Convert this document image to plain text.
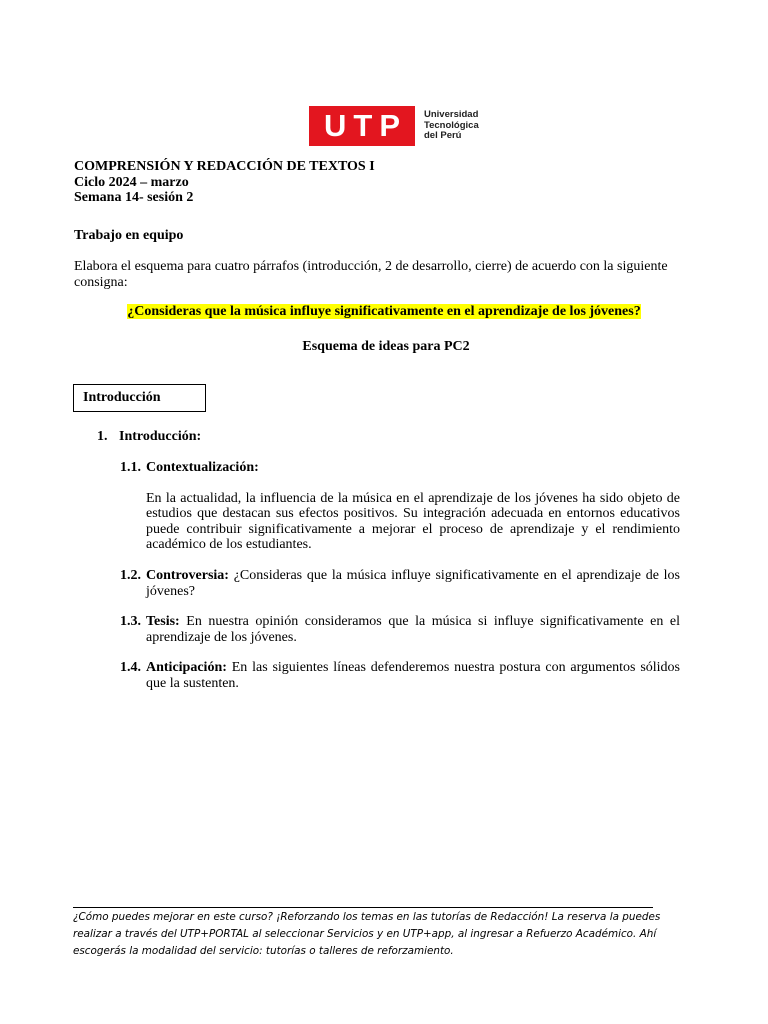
UTP Universidad Tecnológica del Perú
COMPRENSIÓN Y REDACCIÓN DE TEXTOS I
Ciclo 2024 – marzo
Semana 14- sesión 2
Trabajo en equipo
Elabora el esquema para cuatro párrafos (introducción, 2 de desarrollo, cierre) de acuerdo con la siguiente consigna:
¿Consideras que la música influye significativamente en el aprendizaje de los jóvenes?
Esquema de ideas para PC2
Introducción
1. Introducción:
1.1. Contextualización:
En la actualidad, la influencia de la música en el aprendizaje de los jóvenes ha sido objeto de estudios que destacan sus efectos positivos. Su integración adecuada en entornos educativos puede contribuir significativamente a mejorar el proceso de aprendizaje y el rendimiento académico de los estudiantes.
1.2. Controversia: ¿Consideras que la música influye significativamente en el aprendizaje de los jóvenes?
1.3. Tesis: En nuestra opinión consideramos que la música si influye significativamente en el aprendizaje de los jóvenes.
1.4. Anticipación: En las siguientes líneas defenderemos nuestra postura con argumentos sólidos que la sustenten.
¿Cómo puedes mejorar en este curso? ¡Reforzando los temas en las tutorías de Redacción! La reserva la puedes realizar a través del UTP+PORTAL al seleccionar Servicios y en UTP+app, al ingresar a Refuerzo Académico. Ahí escogerás la modalidad del servicio: tutorías o talleres de reforzamiento.
